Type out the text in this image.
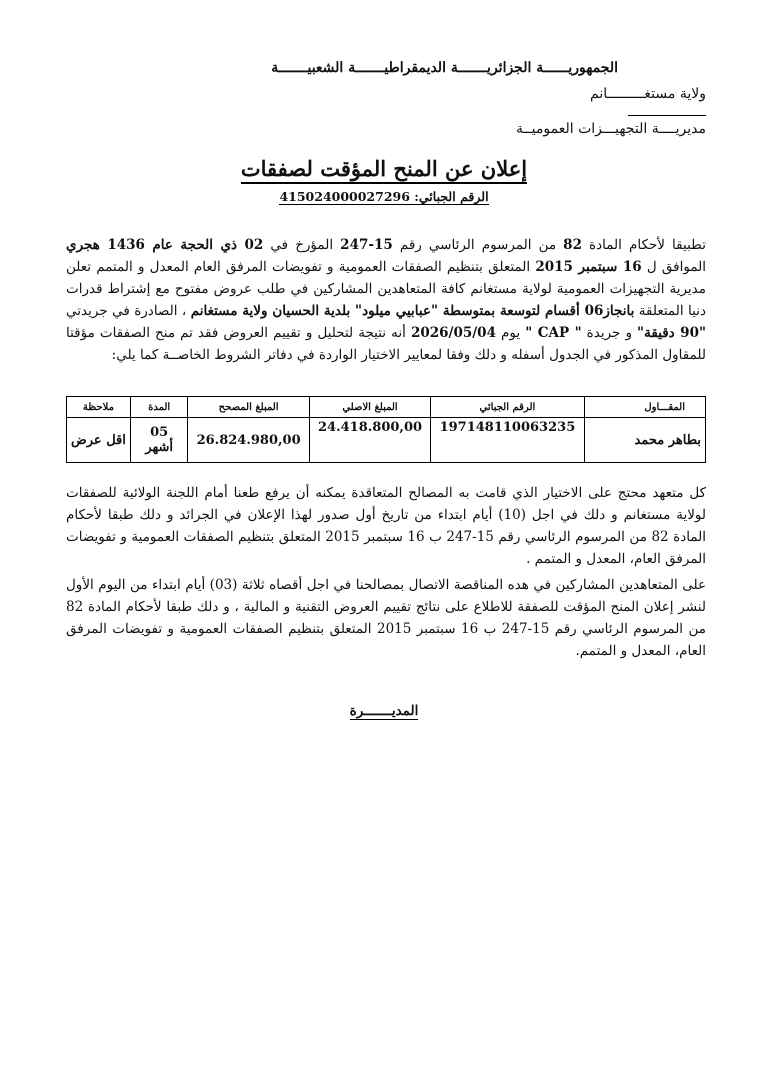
الجمهوريــــــة الجزائريـــــــة الديمقراطيـــــــة الشعبيـــــــة
ولاية مستغـــــــــانم
مديريــــة التجهيـــزات العموميــة
إعلان عن المنح المؤقت لصفقات
الرقم الجبائي: 415024000027296
تطبيقا لأحكام المادة 82 من المرسوم الرئاسي رقم 15-247 المؤرخ في 02 ذي الحجة عام 1436 هجري الموافق ل 16 سبتمبر 2015 المتعلق بتنظيم الصفقات العمومية و تفويضات المرفق العام المعدل و المتمم تعلن مديرية التجهيزات العمومية لولاية مستغانم كافة المتعاهدين المشاركين في طلب عروض مفتوح مع إشتراط قدرات دنيا المتعلقة بانجاز06 أقسام لتوسعة بمتوسطة "عبابيي ميلود" بلدية الحسيان ولاية مستغانم ، الصادرة في جريدتي "90 دقيقة" و جريدة " CAP " يوم 2026/05/04 أنه نتيجة لتحليل و تقييم العروض فقد تم منح الصفقات مؤقتا للمقاول المذكور في الجدول أسفله و دلك وفقا لمعايير الاختيار الواردة في دفاتر الشروط الخاصــة كما يلي:
المقـــاول	الرقم الجبائي	المبلغ الاصلي	المبلغ المصحح	المدة	ملاحظة
بطاهر محمد	197148110063235	24.418.800,00	26.824.980,00	05 أشهر	اقل عرض
كل متعهد محتج على الاختيار الذي قامت به المصالح المتعاقدة يمكنه أن يرفع طعنا أمام اللجنة الولائية للصفقات لولاية مستغانم و دلك في اجل (10) أيام ابتداء من تاريخ أول صدور لهذا الإعلان في الجرائد و دلك طبقا لأحكام المادة 82 من المرسوم الرئاسي رقم 15-247 ب 16 سبتمبر 2015 المتعلق بتنظيم الصفقات العمومية و تفويضات المرفق العام، المعدل و المتمم .
على المتعاهدين المشاركين في هده المناقصة الاتصال بمصالحنا في اجل أقصاه ثلاثة (03) أيام ابتداء من اليوم الأول لنشر إعلان المنح المؤقت للصفقة للاطلاع على نتائج تقييم العروض التقنية و المالية ، و دلك طبقا لأحكام المادة 82 من المرسوم الرئاسي رقم 15-247 ب 16 سبتمبر 2015 المتعلق بتنظيم الصفقات العمومية و تفويضات المرفق العام، المعدل و المتمم.
المديـــــــرة
